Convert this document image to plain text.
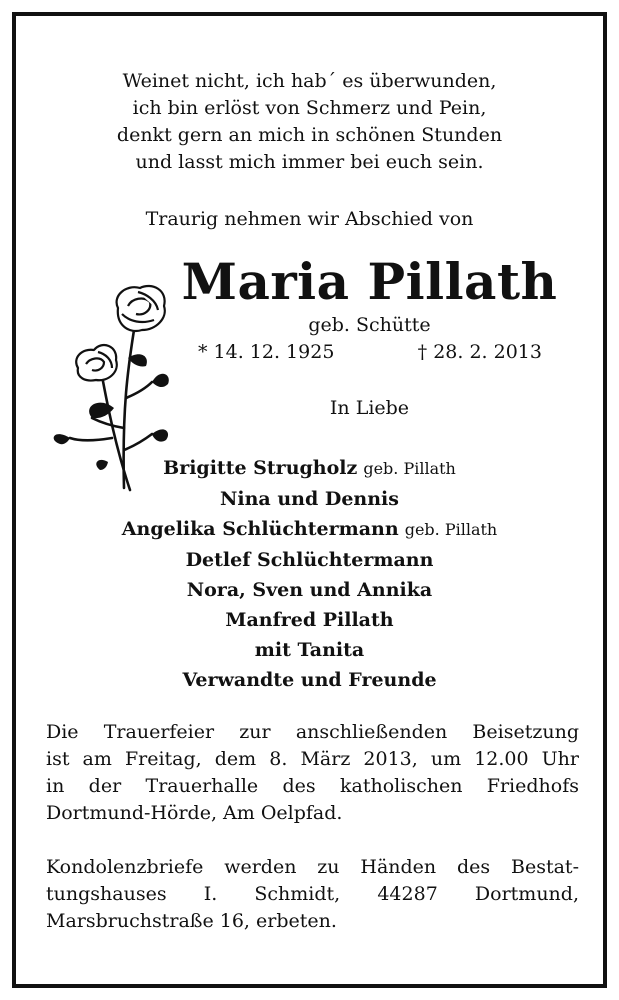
Weinet nicht, ich hab´ es überwunden,
ich bin erlöst von Schmerz und Pein,
denkt gern an mich in schönen Stunden
und lasst mich immer bei euch sein.
Traurig nehmen wir Abschied von
Maria Pillath
geb. Schütte
* 14. 12. 1925	† 28. 2. 2013
In Liebe
Brigitte Strugholz geb. Pillath
Nina und Dennis
Angelika Schlüchtermann geb. Pillath
Detlef Schlüchtermann
Nora, Sven und Annika
Manfred Pillath
mit Tanita
Verwandte und Freunde
Die Trauerfeier zur anschließenden Beisetzung
ist am Freitag, dem 8. März 2013, um 12.00 Uhr
in der Trauerhalle des katholischen Friedhofs
Dortmund-Hörde, Am Oelpfad.
Kondolenzbriefe werden zu Händen des Bestat-
tungshauses I. Schmidt, 44287 Dortmund,
Marsbruchstraße 16, erbeten.
